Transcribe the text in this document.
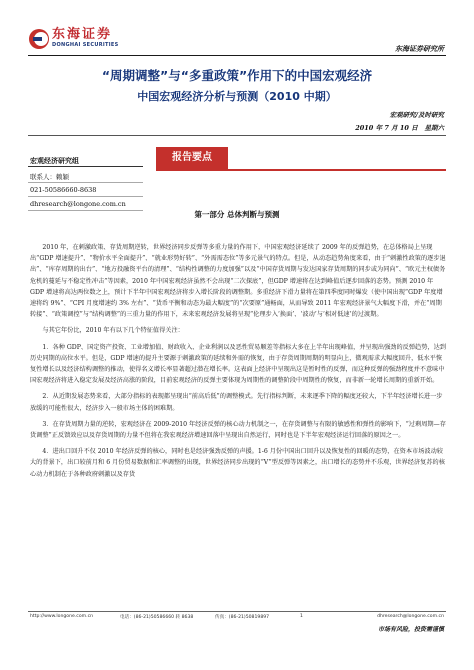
东海证券
DONGHAI SECURITIES	东海证券研究所
“周期调整”与“多重政策”作用下的中国宏观经济
中国宏观经济分析与预测（2010 中期）
宏观研究/及时研究
2010 年 7 月 10 日 星期六
宏观经济研究组
联系人：赖颖
021-50586660-8638
dhresearch@longone.com.cn
报告要点
第一部分 总体判断与预测

2010 年，在刺激政策、存货周期逆转，世界经济同步反弹等多重力量的作用下，中国宏观经济延续了 2009 年的反弹趋势，在总体格局上呈现出“GDP 增速提升”、“物价水平全面提升”、“就业形势好转”、“外需需态位”等多元景气的特点。但是，从动态趋势角度来看，由于“刺激性政策的逐步退出”、“库存周期的出台”、“地方投融资平台的清理”、“结构性调整的力度加强”以及“中国存货周期与发达国家存货周期的同步或为同向”、“欧元主权债务危机的蔓延与不稳定性冲击”等因素，2010 年中国宏观经济虽然不会出现“二次探底”，但GDP 增速将在达到峰值后逐步回落的态势。预测 2010 年 GDP 增速将高达两位数之上，预计下半年中国宏观经济将步入增长阶段的调整期。多重经济下滑力量将在第四季度同时爆发（使中国出现“GDP 年度增速将约 9%”、“CPI 月度增速约 3% 左右”、“货币平衡和动态为最大幅度”的“次要原”通畅面，从而导致 2011 年宏观经济景气大幅度下滑，并在“周期转接”、“政策调控”与“结构调整”的三重力量的作用下，未来宏观经济发展将呈现“伦理步入‘换面’、‘波动’与‘相对低速’的过渡期。

与其它年份比，2010 年有以下几个特征值得关注：

1．各种 GDP、国定资产投资、工业增加值、财政收入、企业利润以及恶性贸易顺差等指标大多在上半年出现峰值，并呈现出强劲的反弹趋势，达到历史同期的高位水平。但是，GDP 增速的提升主要源于刺激政策的延续和外需的恢复，由于存货周期周期的明显向上，微观需求大幅度回升，低水平恢复性增长以及经济结构调整的推动，使得名义增长率显著超过潜在增长率。这表面上经济中呈现出这是暂时性的反弹，而这种反弹的强劲程度并不意味中国宏观经济将进入稳定发展及经济高涨的阶段，目前宏观经济的反弹主要体现为周期性的调整阶段中周期性的恢复，而非新一轮增长周期的重新开始。

2．从近期发展态势来看，大部分指标的表现都呈现出“前高后低”的调整模式。先行指标判断，未来逐季下降的幅度还较大，下半年经济增长进一步放缓的可能性很大，经济步入一般市场主体的困难期。

3．在存货周期力量的逆转，宏观经济在 2009-2010 年经济反弹的核心动力机制之一，在存货调整与有限的敏感性和弹性的影响下，“过剩周期—存货调整”正反馈效应以及存货周期的力量不但将在我宏观经济增速回落中呈现出自然运行，同时也是下半年宏观经济运行回落的原因之一。

4．进出口回升不仅 2010 年经济反弹的核心，同时也是经济强劲反弹的声援。1-6 月份中国出口回升以及恢复性的回暖的态势，在资本市场波动较大的背景下，出口较前月和 6 月份贸易数据和汇率调整的出现，世界经济同步出现的“V”型反弹等因素之，出口增长的态势并不乐观，世界经济复苏的核心动力机制在于各种政府刺激以及存货

http://www.longone.com.cn	电话：(86-21)50586660 转 8638	传真：(86-21)50819897	1	dhresearch@longone.com.cn
市场有风险，投资需谨慎
